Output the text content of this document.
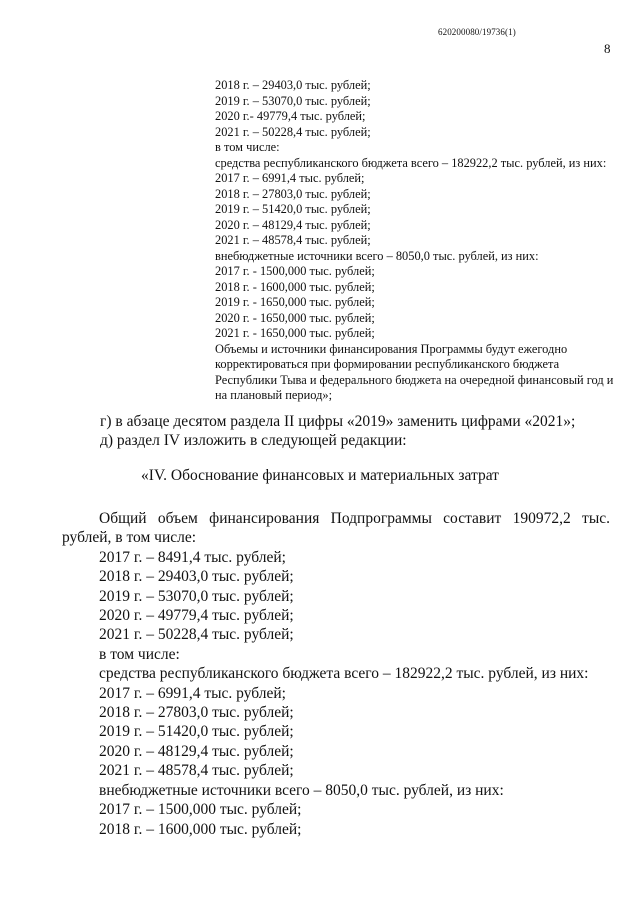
620200080/19736(1)
8
2018 г. – 29403,0 тыс. рублей;
2019 г. – 53070,0 тыс. рублей;
2020 г.- 49779,4 тыс. рублей;
2021 г. – 50228,4 тыс. рублей;
в том числе:
средства республиканского бюджета всего – 182922,2 тыс. рублей, из них:
2017 г. – 6991,4 тыс. рублей;
2018 г. – 27803,0 тыс. рублей;
2019 г. – 51420,0 тыс. рублей;
2020 г. – 48129,4 тыс. рублей;
2021 г. – 48578,4 тыс. рублей;
внебюджетные источники всего – 8050,0 тыс. рублей, из них:
2017 г. - 1500,000 тыс. рублей;
2018 г. - 1600,000 тыс. рублей;
2019 г. - 1650,000 тыс. рублей;
2020 г. - 1650,000 тыс. рублей;
2021 г. - 1650,000 тыс. рублей;
Объемы и источники финансирования Программы будут ежегодно корректироваться при формировании республиканского бюджета Республики Тыва и федерального бюджета на очередной финансовый год и на плановый период»;
г) в абзаце десятом раздела II цифры «2019» заменить цифрами «2021»;
д) раздел IV изложить в следующей редакции:
«IV. Обоснование финансовых и материальных затрат
Общий объем финансирования Подпрограммы составит 190972,2 тыс. рублей, в том числе:
2017 г. – 8491,4 тыс. рублей;
2018 г. – 29403,0 тыс. рублей;
2019 г. – 53070,0 тыс. рублей;
2020 г. – 49779,4 тыс. рублей;
2021 г. – 50228,4 тыс. рублей;
в том числе:
средства республиканского бюджета всего – 182922,2 тыс. рублей, из них:
2017 г. – 6991,4 тыс. рублей;
2018 г. – 27803,0 тыс. рублей;
2019 г. – 51420,0 тыс. рублей;
2020 г. – 48129,4 тыс. рублей;
2021 г. – 48578,4 тыс. рублей;
внебюджетные источники всего – 8050,0 тыс. рублей, из них:
2017 г. – 1500,000 тыс. рублей;
2018 г. – 1600,000 тыс. рублей;
